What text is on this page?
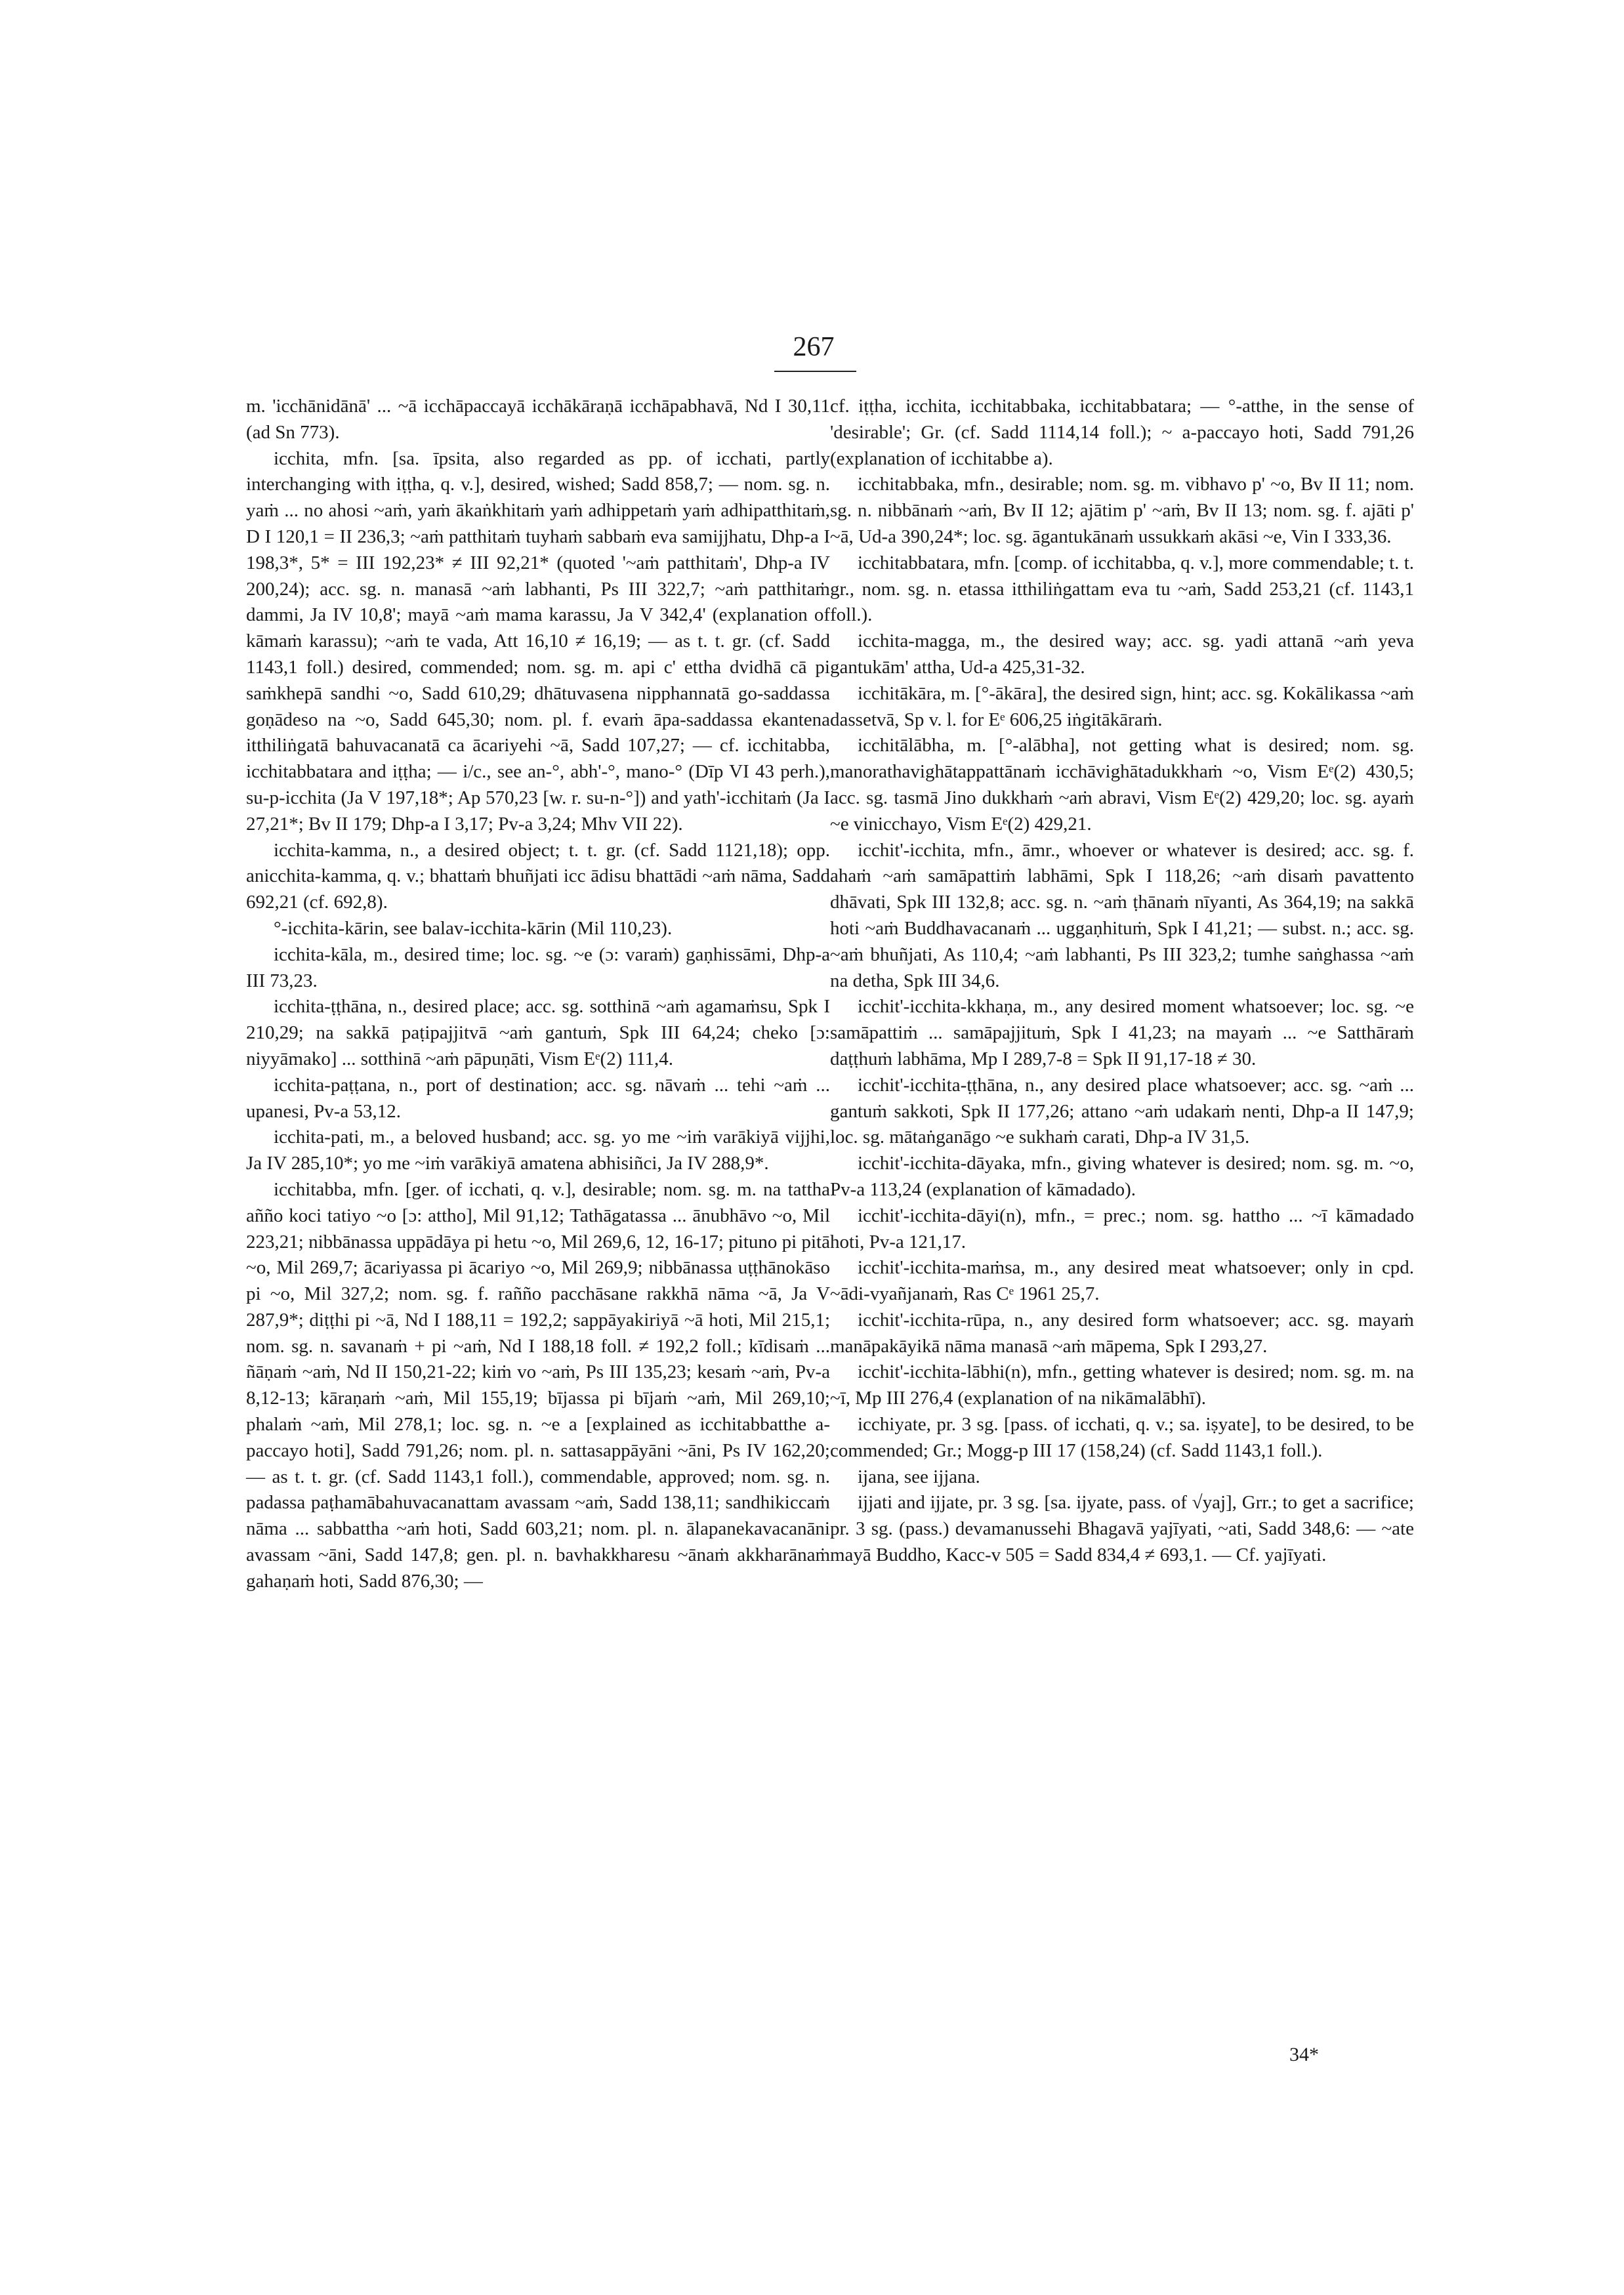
267

m. 'icchānidānā' ... ~ā icchāpaccayā icchākāraṇā icchāpabhavā, Nd I 30,11 (ad Sn 773).

icchita, mfn. [sa. īpsita, also regarded as pp. of icchati, partly interchanging with iṭṭha, q. v.], desired, wished; Sadd 858,7; — nom. sg. n. yaṁ ... no ahosi ~aṁ, yaṁ ākaṅkhitaṁ yaṁ adhippetaṁ yaṁ adhipatthitaṁ, D I 120,1 = II 236,3; ~aṁ patthitaṁ tuyhaṁ sabbaṁ eva samijjhatu, Dhp-a I 198,3*, 5* = III 192,23* ≠ III 92,21* (quoted '~aṁ patthitaṁ', Dhp-a IV 200,24); acc. sg. n. manasā ~aṁ labhanti, Ps III 322,7; ~aṁ patthitaṁ dammi, Ja IV 10,8'; mayā ~aṁ mama karassu, Ja V 342,4' (explanation of kāmaṁ karassu); ~aṁ te vada, Att 16,10 ≠ 16,19; — as t. t. gr. (cf. Sadd 1143,1 foll.) desired, commended; nom. sg. m. api c' ettha dvidhā cā pi saṁkhepā sandhi ~o, Sadd 610,29; dhātuvasena nipphannatā go-saddassa goṇādeso na ~o, Sadd 645,30; nom. pl. f. evaṁ āpa-saddassa ekantena itthiliṅgatā bahuvacanatā ca ācariyehi ~ā, Sadd 107,27; — cf. icchitabba, icchitabbatara and iṭṭha; — i/c., see an-°, abh'-°, mano-° (Dīp VI 43 perh.), su-p-icchita (Ja V 197,18*; Ap 570,23 [w. r. su-n-°]) and yath'-icchitaṁ (Ja I 27,21*; Bv II 179; Dhp-a I 3,17; Pv-a 3,24; Mhv VII 22).

icchita-kamma, n., a desired object; t. t. gr. (cf. Sadd 1121,18); opp. anicchita-kamma, q. v.; bhattaṁ bhuñjati icc ādisu bhattādi ~aṁ nāma, Sadd 692,21 (cf. 692,8).

°-icchita-kārin, see balav-icchita-kārin (Mil 110,23).

icchita-kāla, m., desired time; loc. sg. ~e (ɔ: varaṁ) gaṇhissāmi, Dhp-a III 73,23.

icchita-ṭṭhāna, n., desired place; acc. sg. sotthinā ~aṁ agamaṁsu, Spk I 210,29; na sakkā paṭipajjitvā ~aṁ gantuṁ, Spk III 64,24; cheko [ɔ: niyyāmako] ... sotthinā ~aṁ pāpuṇāti, Vism Eᵉ(2) 111,4.

icchita-paṭṭana, n., port of destination; acc. sg. nāvaṁ ... tehi ~aṁ ... upanesi, Pv-a 53,12.

icchita-pati, m., a beloved husband; acc. sg. yo me ~iṁ varākiyā vijjhi, Ja IV 285,10*; yo me ~iṁ varākiyā amatena abhisiñci, Ja IV 288,9*.

icchitabba, mfn. [ger. of icchati, q. v.], desirable; nom. sg. m. na tattha añño koci tatiyo ~o [ɔ: attho], Mil 91,12; Tathāgatassa ... ānubhāvo ~o, Mil 223,21; nibbānassa uppādāya pi hetu ~o, Mil 269,6, 12, 16-17; pituno pi pitā ~o, Mil 269,7; ācariyassa pi ācariyo ~o, Mil 269,9; nibbānassa uṭṭhānokāso pi ~o, Mil 327,2; nom. sg. f. rañño pacchāsane rakkhā nāma ~ā, Ja V 287,9*; diṭṭhi pi ~ā, Nd I 188,11 = 192,2; sappāyakiriyā ~ā hoti, Mil 215,1; nom. sg. n. savanaṁ + pi ~aṁ, Nd I 188,18 foll. ≠ 192,2 foll.; kīdisaṁ ... ñāṇaṁ ~aṁ, Nd II 150,21-22; kiṁ vo ~aṁ, Ps III 135,23; kesaṁ ~aṁ, Pv-a 8,12-13; kāraṇaṁ ~aṁ, Mil 155,19; bījassa pi bījaṁ ~aṁ, Mil 269,10; phalaṁ ~aṁ, Mil 278,1; loc. sg. n. ~e a [explained as icchitabbatthe a-paccayo hoti], Sadd 791,26; nom. pl. n. sattasappāyāni ~āni, Ps IV 162,20; — as t. t. gr. (cf. Sadd 1143,1 foll.), commendable, approved; nom. sg. n. padassa paṭhamābahuvacanattam avassam ~aṁ, Sadd 138,11; sandhikiccaṁ nāma ... sabbattha ~aṁ hoti, Sadd 603,21; nom. pl. n. ālapanekavacanāni avassam ~āni, Sadd 147,8; gen. pl. n. bavhakkharesu ~ānaṁ akkharānaṁ gahaṇaṁ hoti, Sadd 876,30; —

cf. iṭṭha, icchita, icchitabbaka, icchitabbatara; — °-atthe, in the sense of 'desirable'; Gr. (cf. Sadd 1114,14 foll.); ~ a-paccayo hoti, Sadd 791,26 (explanation of icchitabbe a).

icchitabbaka, mfn., desirable; nom. sg. m. vibhavo p' ~o, Bv II 11; nom. sg. n. nibbānaṁ ~aṁ, Bv II 12; ajātim p' ~aṁ, Bv II 13; nom. sg. f. ajāti p' ~ā, Ud-a 390,24*; loc. sg. āgantukānaṁ ussukkaṁ akāsi ~e, Vin I 333,36.

icchitabbatara, mfn. [comp. of icchitabba, q. v.], more commendable; t. t. gr., nom. sg. n. etassa itthiliṅgattam eva tu ~aṁ, Sadd 253,21 (cf. 1143,1 foll.).

icchita-magga, m., the desired way; acc. sg. yadi attanā ~aṁ yeva gantukām' attha, Ud-a 425,31-32.

icchitākāra, m. [°-ākāra], the desired sign, hint; acc. sg. Kokālikassa ~aṁ dassetvā, Sp v. l. for Eᵉ 606,25 iṅgitākāraṁ.

icchitālābha, m. [°-alābha], not getting what is desired; nom. sg. manorathavighātappattānaṁ icchāvighātadukkhaṁ ~o, Vism Eᵉ(2) 430,5; acc. sg. tasmā Jino dukkhaṁ ~aṁ abravi, Vism Eᵉ(2) 429,20; loc. sg. ayaṁ ~e vinicchayo, Vism Eᵉ(2) 429,21.

icchit'-icchita, mfn., āmr., whoever or whatever is desired; acc. sg. f. ahaṁ ~aṁ samāpattiṁ labhāmi, Spk I 118,26; ~aṁ disaṁ pavattento dhāvati, Spk III 132,8; acc. sg. n. ~aṁ ṭhānaṁ nīyanti, As 364,19; na sakkā hoti ~aṁ Buddhavacanaṁ ... uggaṇhituṁ, Spk I 41,21; — subst. n.; acc. sg. ~aṁ bhuñjati, As 110,4; ~aṁ labhanti, Ps III 323,2; tumhe saṅghassa ~aṁ na detha, Spk III 34,6.

icchit'-icchita-kkhaṇa, m., any desired moment whatsoever; loc. sg. ~e samāpattiṁ ... samāpajjituṁ, Spk I 41,23; na mayaṁ ... ~e Satthāraṁ daṭṭhuṁ labhāma, Mp I 289,7-8 = Spk II 91,17-18 ≠ 30.

icchit'-icchita-ṭṭhāna, n., any desired place whatsoever; acc. sg. ~aṁ ... gantuṁ sakkoti, Spk II 177,26; attano ~aṁ udakaṁ nenti, Dhp-a II 147,9; loc. sg. mātaṅganāgo ~e sukhaṁ carati, Dhp-a IV 31,5.

icchit'-icchita-dāyaka, mfn., giving whatever is desired; nom. sg. m. ~o, Pv-a 113,24 (explanation of kāmadado).

icchit'-icchita-dāyi(n), mfn., = prec.; nom. sg. hattho ... ~ī kāmadado hoti, Pv-a 121,17.

icchit'-icchita-maṁsa, m., any desired meat whatsoever; only in cpd. ~ādi-vyañjanaṁ, Ras Cᵉ 1961 25,7.

icchit'-icchita-rūpa, n., any desired form whatsoever; acc. sg. mayaṁ manāpakāyikā nāma manasā ~aṁ māpema, Spk I 293,27.

icchit'-icchita-lābhi(n), mfn., getting whatever is desired; nom. sg. m. na ~ī, Mp III 276,4 (explanation of na nikāmalābhī).

icchiyate, pr. 3 sg. [pass. of icchati, q. v.; sa. iṣyate], to be desired, to be commended; Gr.; Mogg-p III 17 (158,24) (cf. Sadd 1143,1 foll.).

ijana, see ijjana.

ijjati and ijjate, pr. 3 sg. [sa. ijyate, pass. of √yaj], Grr.; to get a sacrifice; pr. 3 sg. (pass.) devamanussehi Bhagavā yajīyati, ~ati, Sadd 348,6: — ~ate mayā Buddho, Kacc-v 505 = Sadd 834,4 ≠ 693,1. — Cf. yajīyati.

34*
